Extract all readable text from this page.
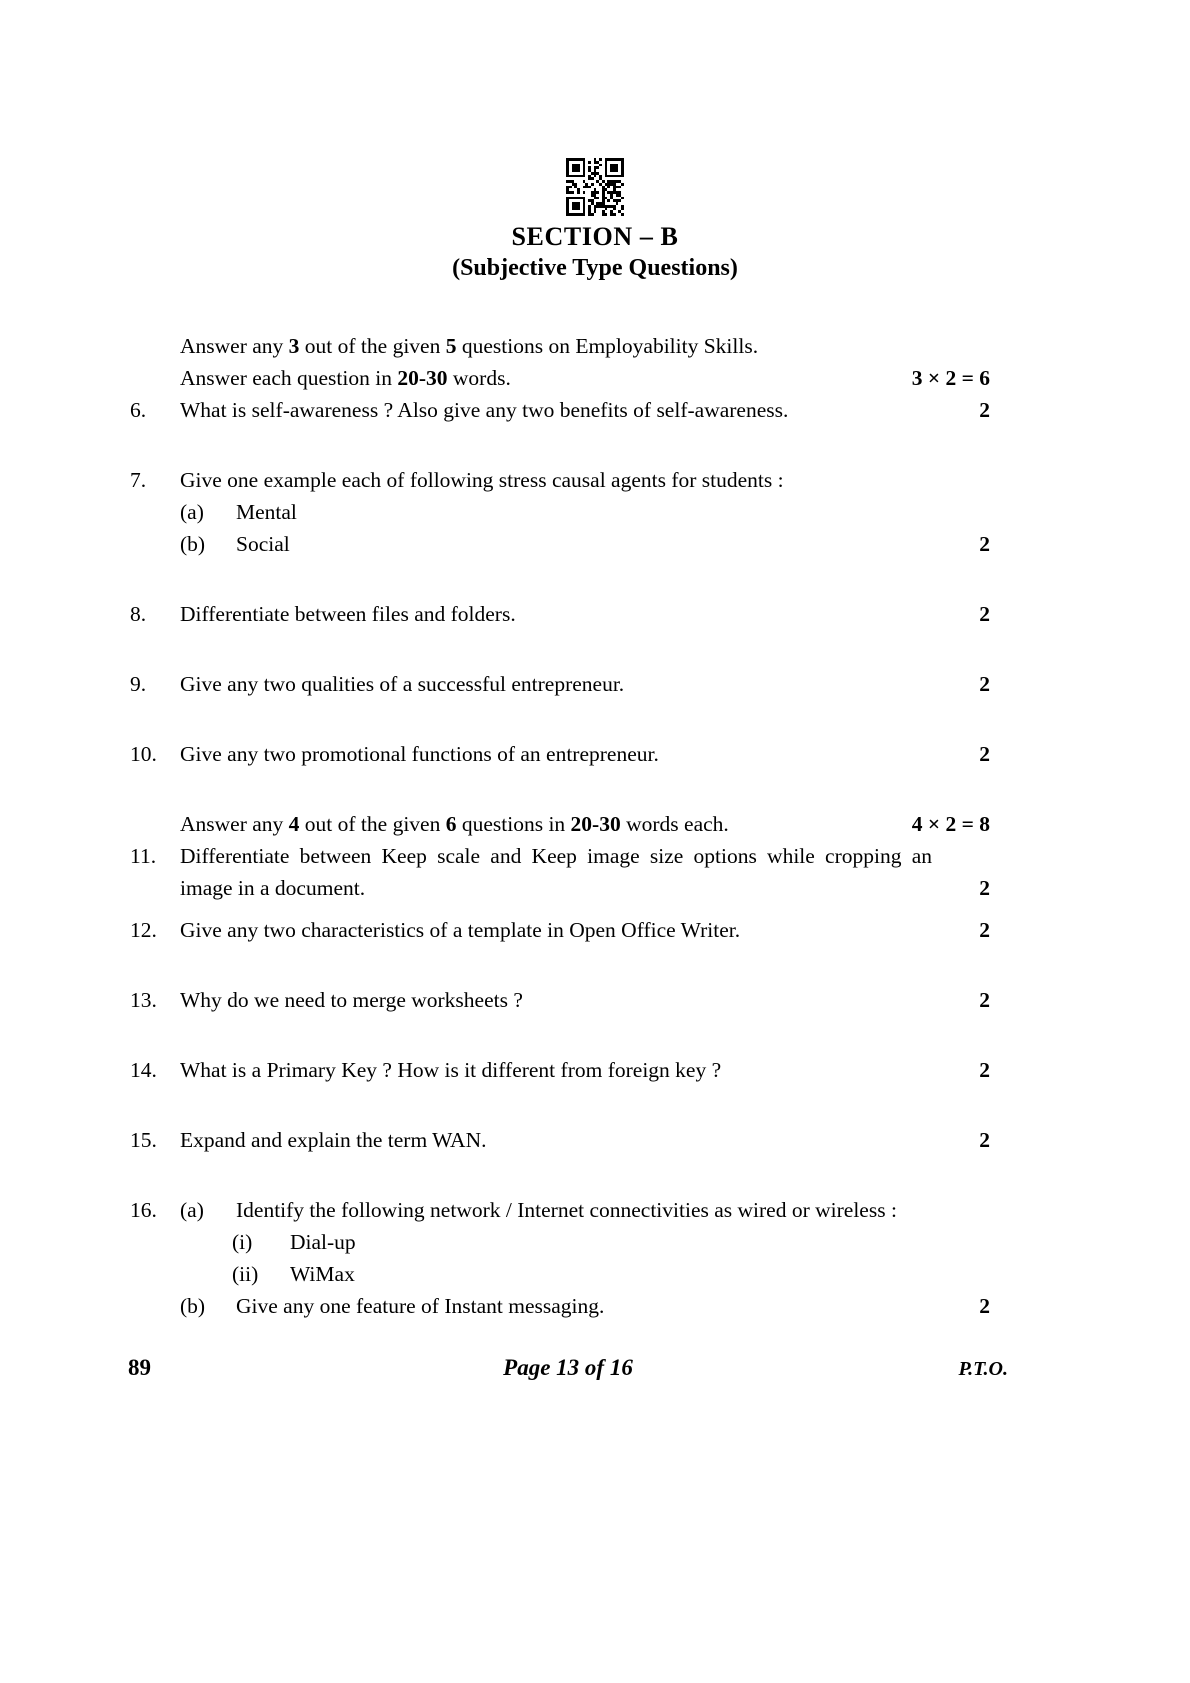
SECTION – B
(Subjective Type Questions)
Answer any 3 out of the given 5 questions on Employability Skills.
Answer each question in 20-30 words.	3 × 2 = 6
6.	What is self-awareness ? Also give any two benefits of self-awareness.	2
7.	Give one example each of following stress causal agents for students :
(a)	Mental
(b)	Social	2
8.	Differentiate between files and folders.	2
9.	Give any two qualities of a successful entrepreneur.	2
10.	Give any two promotional functions of an entrepreneur.	2
Answer any 4 out of the given 6 questions in 20-30 words each.	4 × 2 = 8
11.	Differentiate between Keep scale and Keep image size options while cropping an image in a document.	2
12.	Give any two characteristics of a template in Open Office Writer.	2
13.	Why do we need to merge worksheets ?	2
14.	What is a Primary Key ? How is it different from foreign key ?	2
15.	Expand and explain the term WAN.	2
16.	(a)	Identify the following network / Internet connectivities as wired or wireless :
(i)	Dial-up
(ii)	WiMax
(b)	Give any one feature of Instant messaging.	2
89	Page 13 of 16	P.T.O.
